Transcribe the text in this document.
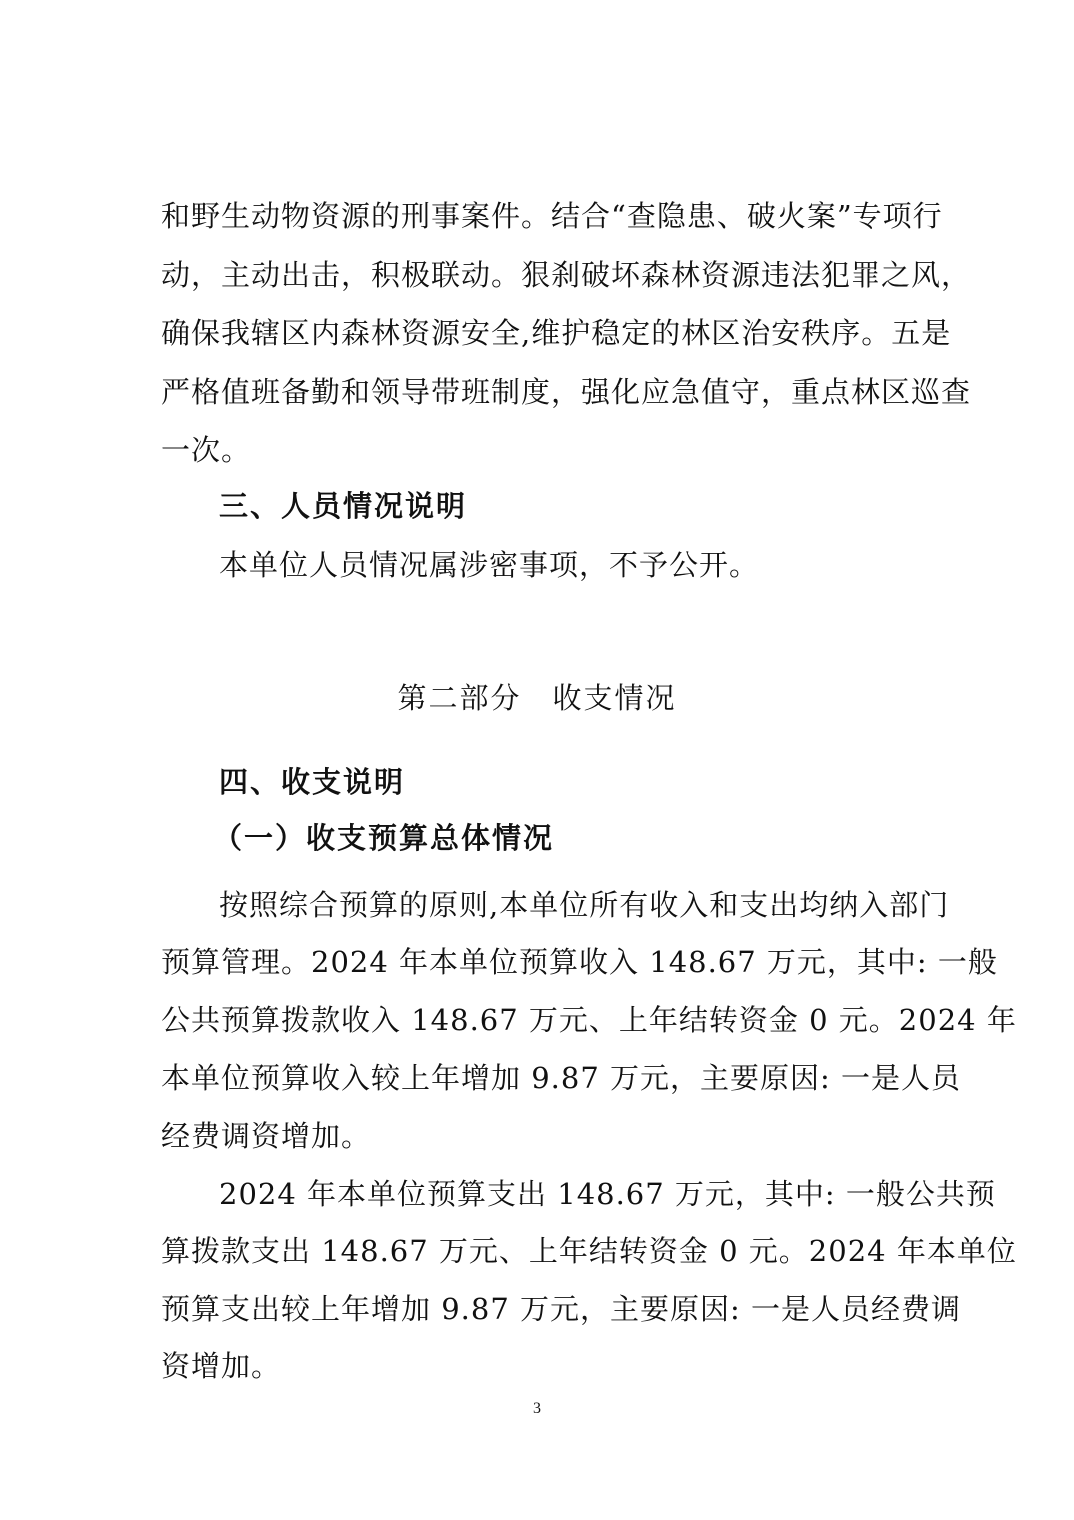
和野生动物资源的刑事案件。结合“查隐患、破火案”专项行
动，主动出击，积极联动。狠刹破坏森林资源违法犯罪之风，
确保我辖区内森林资源安全,维护稳定的林区治安秩序。五是
严格值班备勤和领导带班制度，强化应急值守，重点林区巡查
一次。
三、人员情况说明
本单位人员情况属涉密事项，不予公开。
第二部分　收支情况
四、收支说明
（一）收支预算总体情况
按照综合预算的原则,本单位所有收入和支出均纳入部门
预算管理。2024 年本单位预算收入 148.67 万元，其中: 一般
公共预算拨款收入 148.67 万元、上年结转资金 0 元。2024 年
本单位预算收入较上年增加 9.87 万元，主要原因: 一是人员
经费调资增加。
2024 年本单位预算支出 148.67 万元，其中: 一般公共预
算拨款支出 148.67 万元、上年结转资金 0 元。2024 年本单位
预算支出较上年增加 9.87 万元，主要原因: 一是人员经费调
资增加。
3
